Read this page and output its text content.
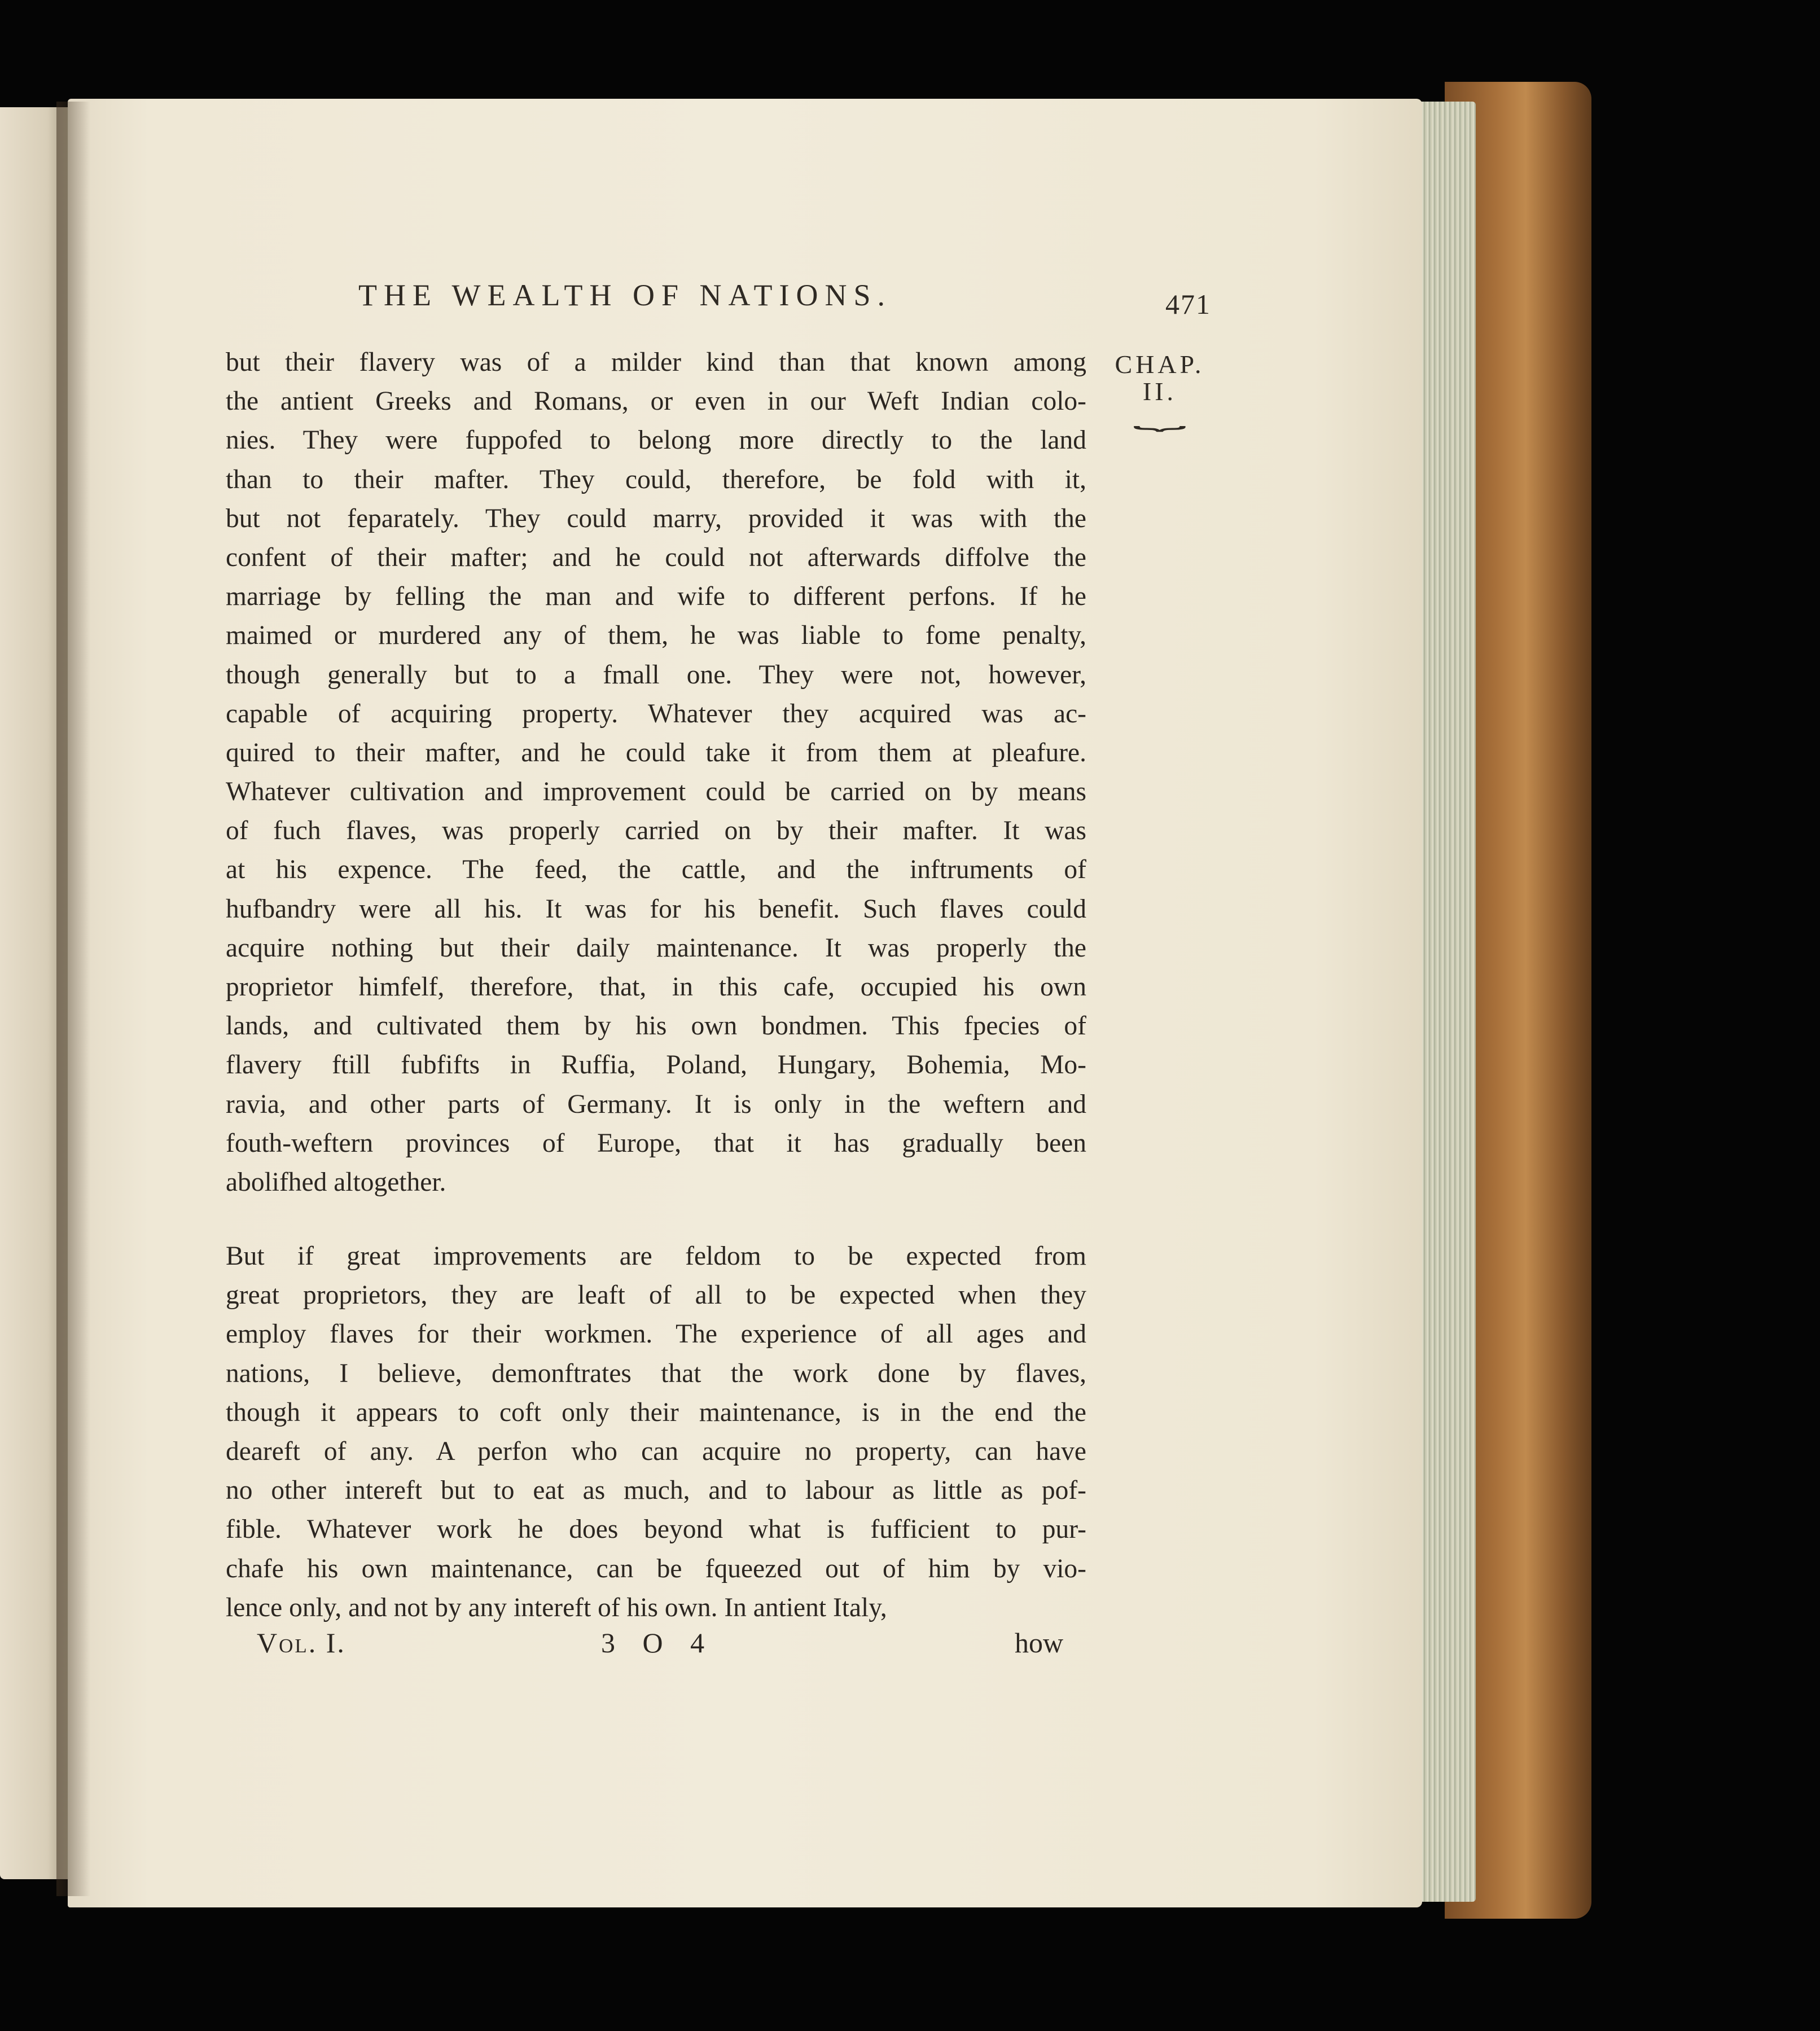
THE WEALTH OF NATIONS.	471
CHAP.
II.
⏟
but their flavery was of a milder kind than that known among
the antient Greeks and Romans, or even in our Weft Indian colo-
nies. They were fuppofed to belong more directly to the land
than to their mafter. They could, therefore, be fold with it,
but not feparately. They could marry, provided it was with the
confent of their mafter; and he could not afterwards diffolve the
marriage by felling the man and wife to different perfons. If he
maimed or murdered any of them, he was liable to fome penalty,
though generally but to a fmall one. They were not, however,
capable of acquiring property. Whatever they acquired was ac-
quired to their mafter, and he could take it from them at pleafure.
Whatever cultivation and improvement could be carried on by means
of fuch flaves, was properly carried on by their mafter. It was
at his expence. The feed, the cattle, and the inftruments of
hufbandry were all his. It was for his benefit. Such flaves could
acquire nothing but their daily maintenance. It was properly the
proprietor himfelf, therefore, that, in this cafe, occupied his own
lands, and cultivated them by his own bondmen. This fpecies of
flavery ftill fubfifts in Ruffia, Poland, Hungary, Bohemia, Mo-
ravia, and other parts of Germany. It is only in the weftern and
fouth-weftern provinces of Europe, that it has gradually been
abolifhed altogether.
But if great improvements are feldom to be expected from
great proprietors, they are leaft of all to be expected when they
employ flaves for their workmen. The experience of all ages and
nations, I believe, demonftrates that the work done by flaves,
though it appears to coft only their maintenance, is in the end the
deareft of any. A perfon who can acquire no property, can have
no other intereft but to eat as much, and to labour as little as pof-
fible. Whatever work he does beyond what is fufficient to pur-
chafe his own maintenance, can be fqueezed out of him by vio-
lence only, and not by any intereft of his own. In antient Italy,
Vol. I.	3 O 4	how
